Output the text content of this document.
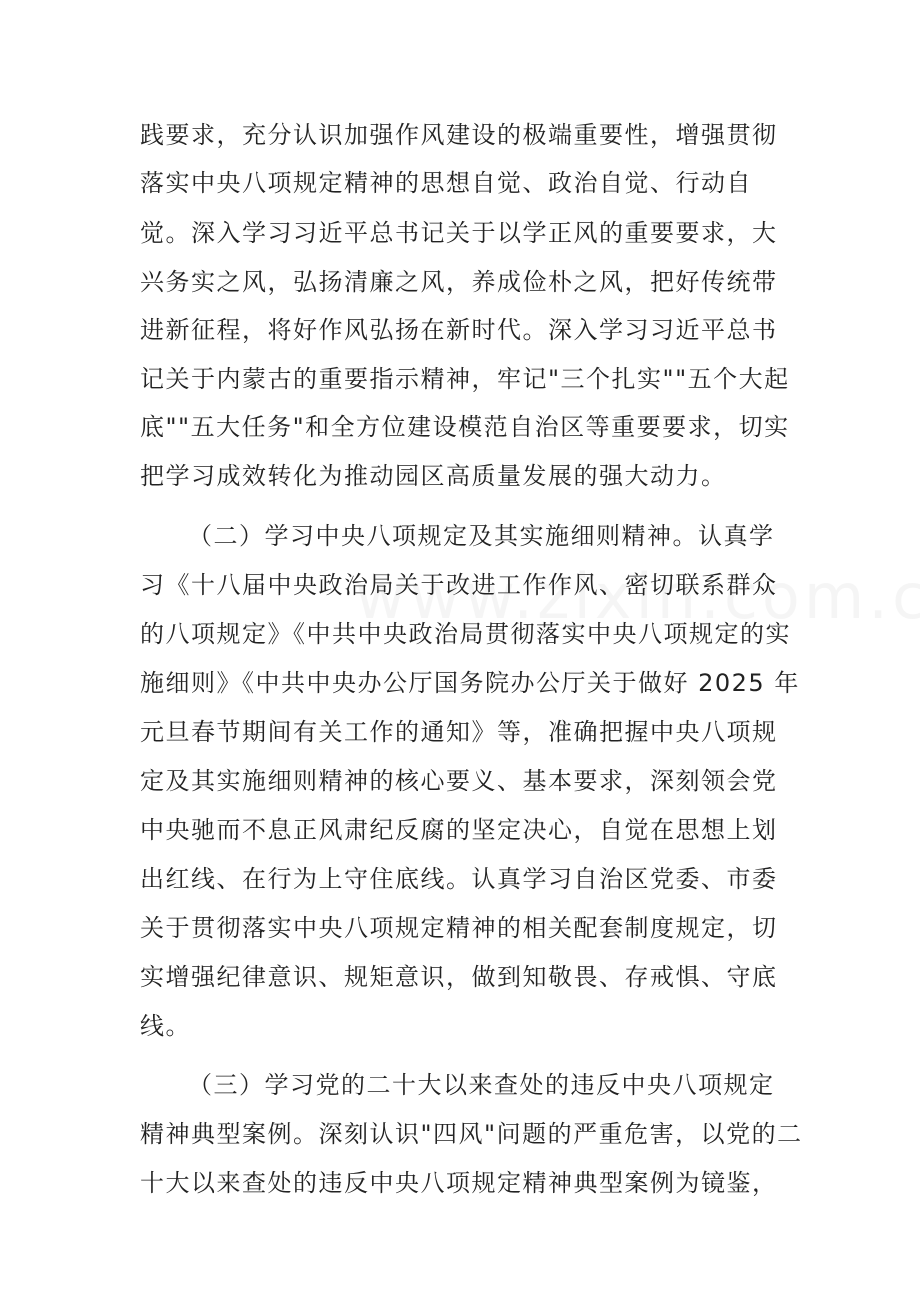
践要求，充分认识加强作风建设的极端重要性，增强贯彻

落实中央八项规定精神的思想自觉、政治自觉、行动自

觉。深入学习习近平总书记关于以学正风的重要要求，大

兴务实之风，弘扬清廉之风，养成俭朴之风，把好传统带

进新征程，将好作风弘扬在新时代。深入学习习近平总书

记关于内蒙古的重要指示精神，牢记"三个扎实""五个大起

底""五大任务"和全方位建设模范自治区等重要要求，切实

把学习成效转化为推动园区高质量发展的强大动力。

（二）学习中央八项规定及其实施细则精神。认真学

习《十八届中央政治局关于改进工作作风、密切联系群众

的八项规定》《中共中央政治局贯彻落实中央八项规定的实

施细则》《中共中央办公厅国务院办公厅关于做好 2025 年

元旦春节期间有关工作的通知》等，准确把握中央八项规

定及其实施细则精神的核心要义、基本要求，深刻领会党

中央驰而不息正风肃纪反腐的坚定决心，自觉在思想上划

出红线、在行为上守住底线。认真学习自治区党委、市委

关于贯彻落实中央八项规定精神的相关配套制度规定，切

实增强纪律意识、规矩意识，做到知敬畏、存戒惧、守底

线。

（三）学习党的二十大以来查处的违反中央八项规定

精神典型案例。深刻认识"四风"问题的严重危害，以党的二

十大以来查处的违反中央八项规定精神典型案例为镜鉴，
